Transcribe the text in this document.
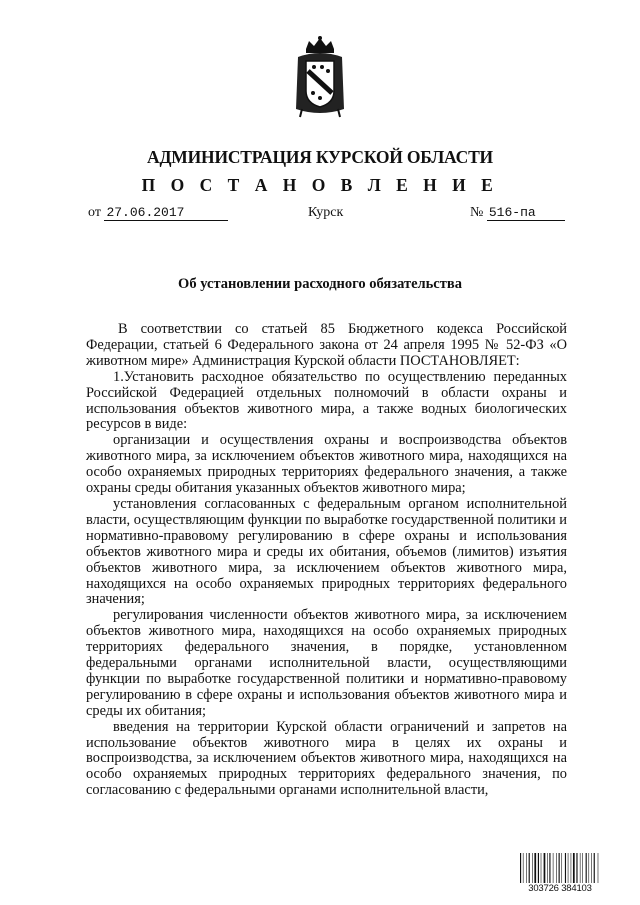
АДМИНИСТРАЦИЯ КУРСКОЙ ОБЛАСТИ
П О С Т А Н О В Л Е Н И Е
от 27.06.2017	Курск	№ 516-па
Об установлении расходного обязательства

В соответствии со статьей 85 Бюджетного кодекса Российской Федерации, статьей 6 Федерального закона от 24 апреля 1995 № 52-ФЗ «О животном мире» Администрация Курской области ПОСТАНОВЛЯЕТ:

1.Установить расходное обязательство по осуществлению переданных Российской Федерацией отдельных полномочий в области охраны и использования объектов животного мира, а также водных биологических ресурсов в виде:

организации и осуществления охраны и воспроизводства объектов животного мира, за исключением объектов животного мира, находящихся на особо охраняемых природных территориях федерального значения, а также охраны среды обитания указанных объектов животного мира;

установления согласованных с федеральным органом исполнительной власти, осуществляющим функции по выработке государственной политики и нормативно-правовому регулированию в сфере охраны и использования объектов животного мира и среды их обитания, объемов (лимитов) изъятия объектов животного мира, за исключением объектов животного мира, находящихся на особо охраняемых природных территориях федерального значения;

регулирования численности объектов животного мира, за исключением объектов животного мира, находящихся на особо охраняемых природных территориях федерального значения, в порядке, установленном федеральными органами исполнительной власти, осуществляющими функции по выработке государственной политики и нормативно-правовому регулированию в сфере охраны и использования объектов животного мира и среды их обитания;

введения на территории Курской области ограничений и запретов на использование объектов животного мира в целях их охраны и воспроизводства, за исключением объектов животного мира, находящихся на особо охраняемых природных территориях федерального значения, по согласованию с федеральными органами исполнительной власти,

303726 384103
